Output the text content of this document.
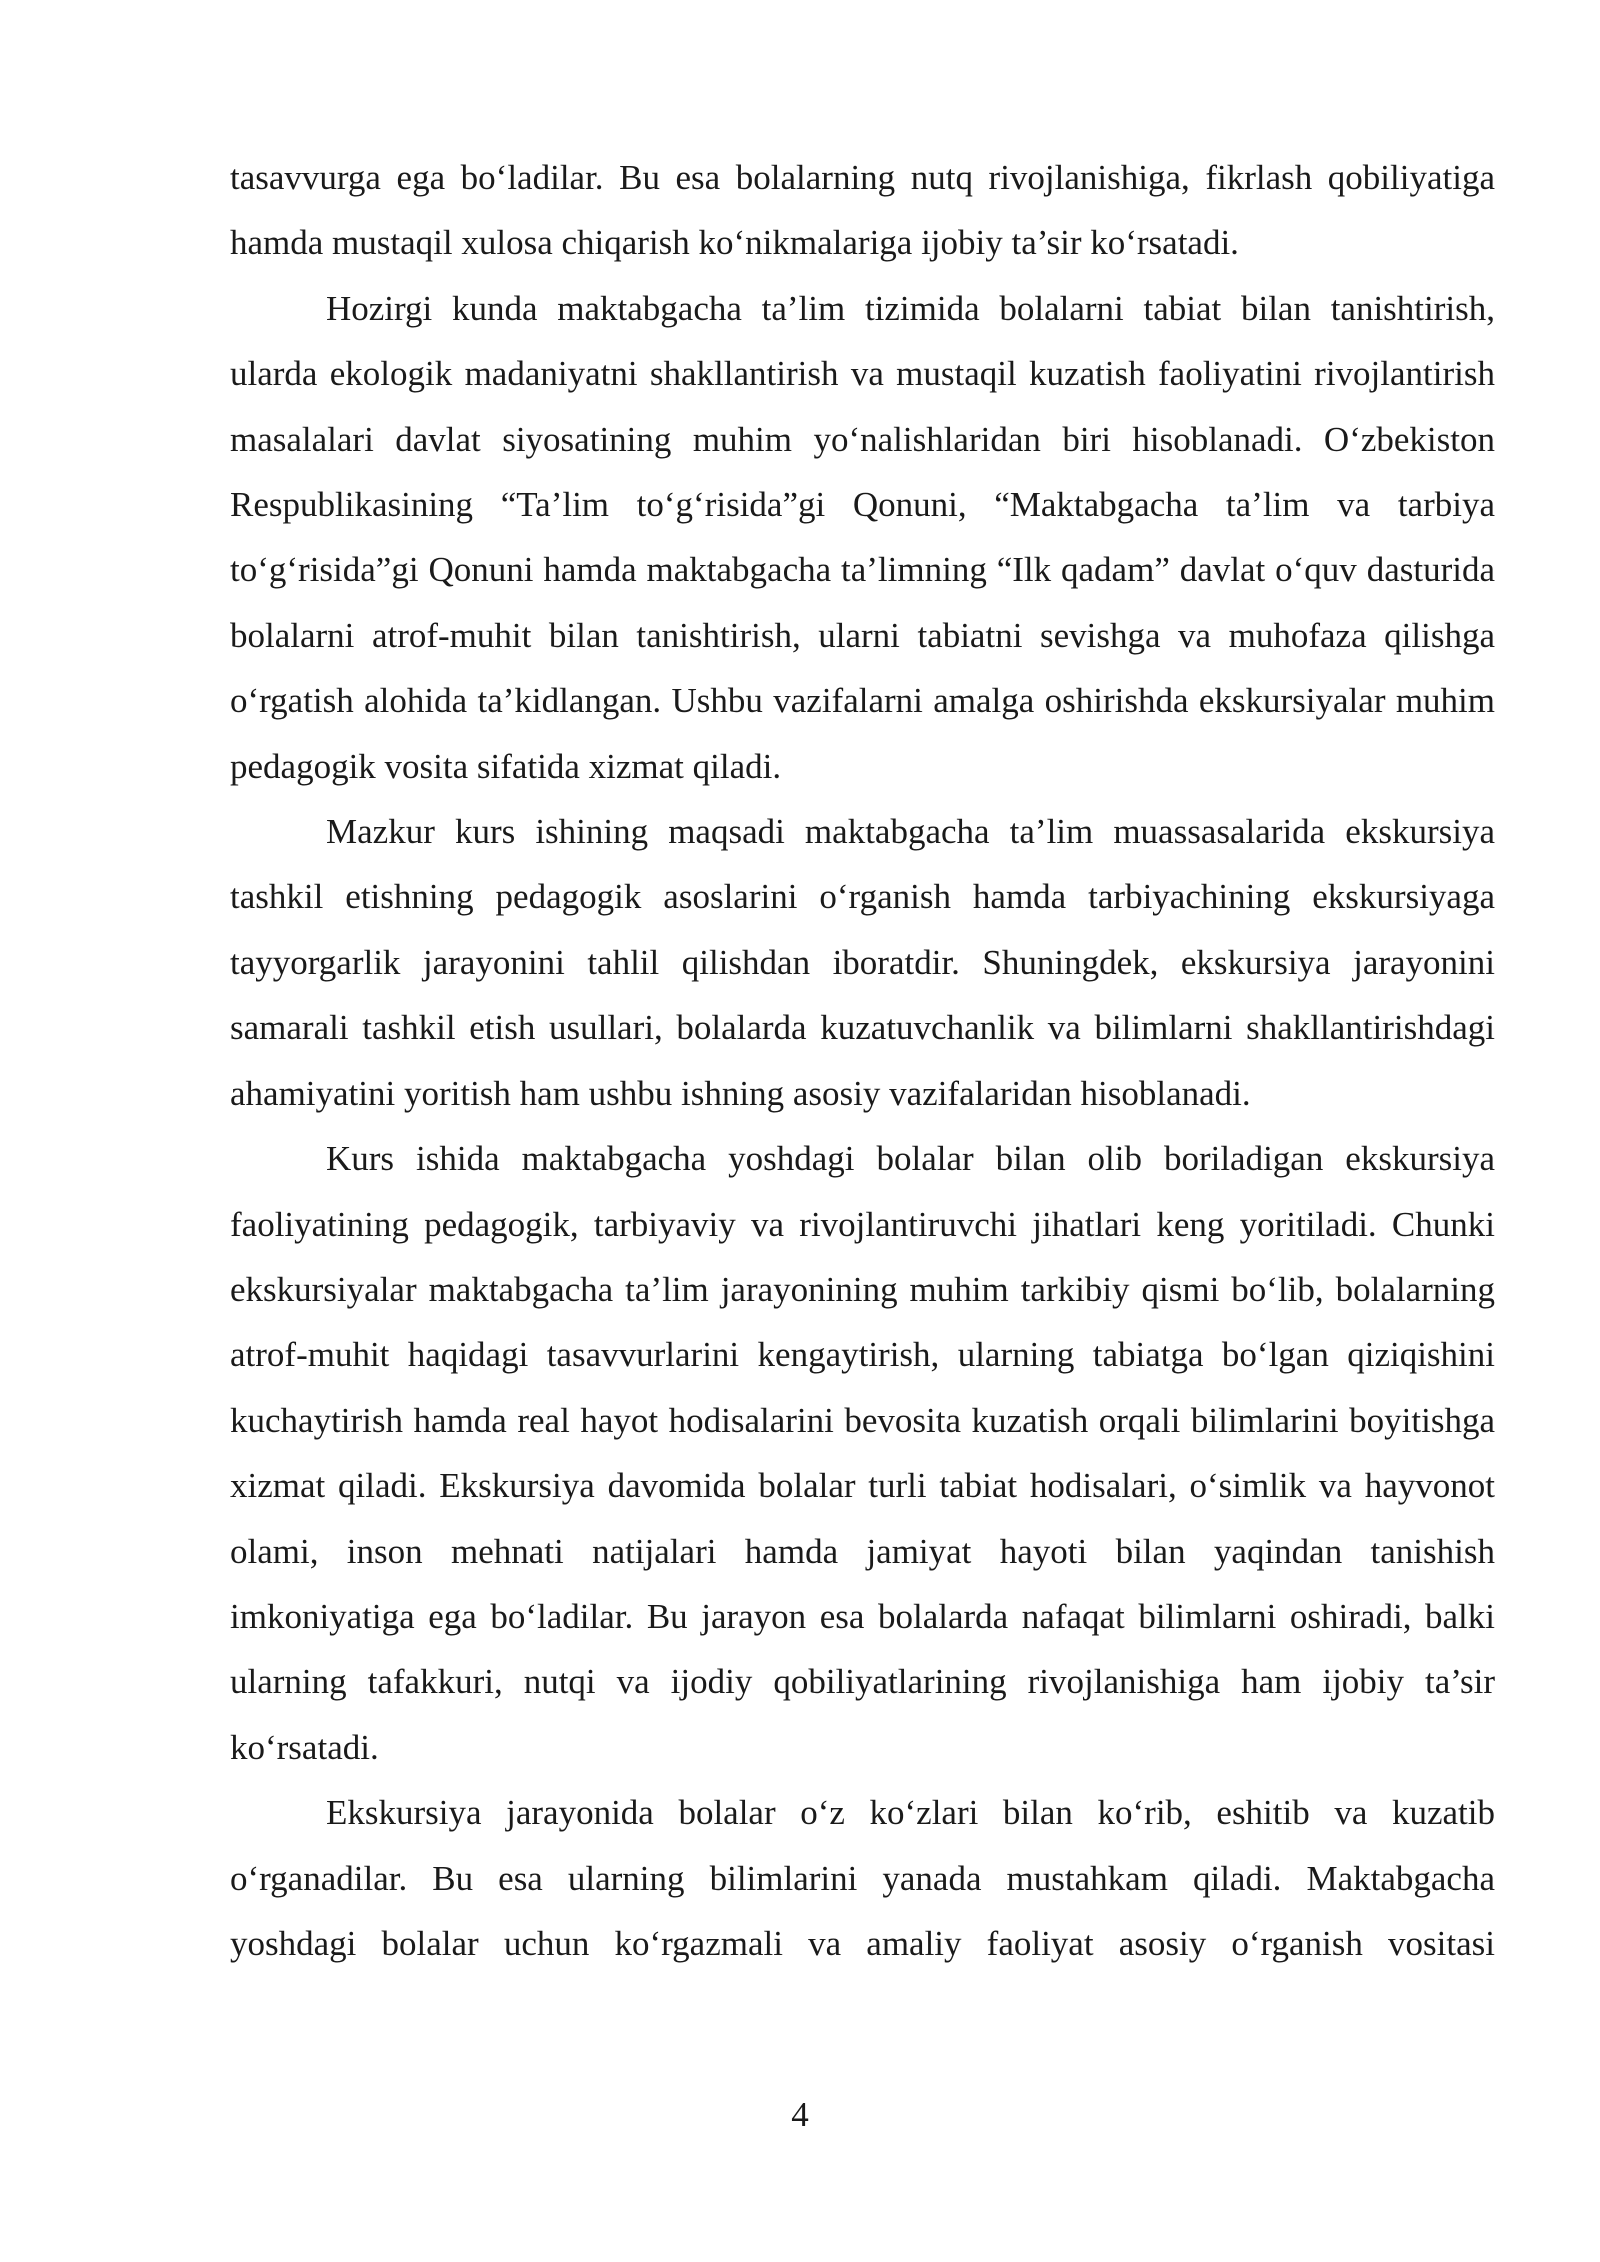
tasavvurga ega bo‘ladilar. Bu esa bolalarning nutq rivojlanishiga, fikrlash qobiliyatiga hamda mustaqil xulosa chiqarish ko‘nikmalariga ijobiy ta’sir ko‘rsatadi.

Hozirgi kunda maktabgacha ta’lim tizimida bolalarni tabiat bilan tanishtirish, ularda ekologik madaniyatni shakllantirish va mustaqil kuzatish faoliyatini rivojlantirish masalalari davlat siyosatining muhim yo‘nalishlaridan biri hisoblanadi. O‘zbekiston Respublikasining “Ta’lim to‘g‘risida”gi Qonuni, “Maktabgacha ta’lim va tarbiya to‘g‘risida”gi Qonuni hamda maktabgacha ta’limning “Ilk qadam” davlat o‘quv dasturida bolalarni atrof-muhit bilan tanishtirish, ularni tabiatni sevishga va muhofaza qilishga o‘rgatish alohida ta’kidlangan. Ushbu vazifalarni amalga oshirishda ekskursiyalar muhim pedagogik vosita sifatida xizmat qiladi.

Mazkur kurs ishining maqsadi maktabgacha ta’lim muassasalarida ekskursiya tashkil etishning pedagogik asoslarini o‘rganish hamda tarbiyachining ekskursiyaga tayyorgarlik jarayonini tahlil qilishdan iboratdir. Shuningdek, ekskursiya jarayonini samarali tashkil etish usullari, bolalarda kuzatuvchanlik va bilimlarni shakllantirishdagi ahamiyatini yoritish ham ushbu ishning asosiy vazifalaridan hisoblanadi.

Kurs ishida maktabgacha yoshdagi bolalar bilan olib boriladigan ekskursiya faoliyatining pedagogik, tarbiyaviy va rivojlantiruvchi jihatlari keng yoritiladi. Chunki ekskursiyalar maktabgacha ta’lim jarayonining muhim tarkibiy qismi bo‘lib, bolalarning atrof-muhit haqidagi tasavvurlarini kengaytirish, ularning tabiatga bo‘lgan qiziqishini kuchaytirish hamda real hayot hodisalarini bevosita kuzatish orqali bilimlarini boyitishga xizmat qiladi. Ekskursiya davomida bolalar turli tabiat hodisalari, o‘simlik va hayvonot olami, inson mehnati natijalari hamda jamiyat hayoti bilan yaqindan tanishish imkoniyatiga ega bo‘ladilar. Bu jarayon esa bolalarda nafaqat bilimlarni oshiradi, balki ularning tafakkuri, nutqi va ijodiy qobiliyatlarining rivojlanishiga ham ijobiy ta’sir ko‘rsatadi.

Ekskursiya jarayonida bolalar o‘z ko‘zlari bilan ko‘rib, eshitib va kuzatib o‘rganadilar. Bu esa ularning bilimlarini yanada mustahkam qiladi. Maktabgacha yoshdagi bolalar uchun ko‘rgazmali va amaliy faoliyat asosiy o‘rganish vositasi

4
